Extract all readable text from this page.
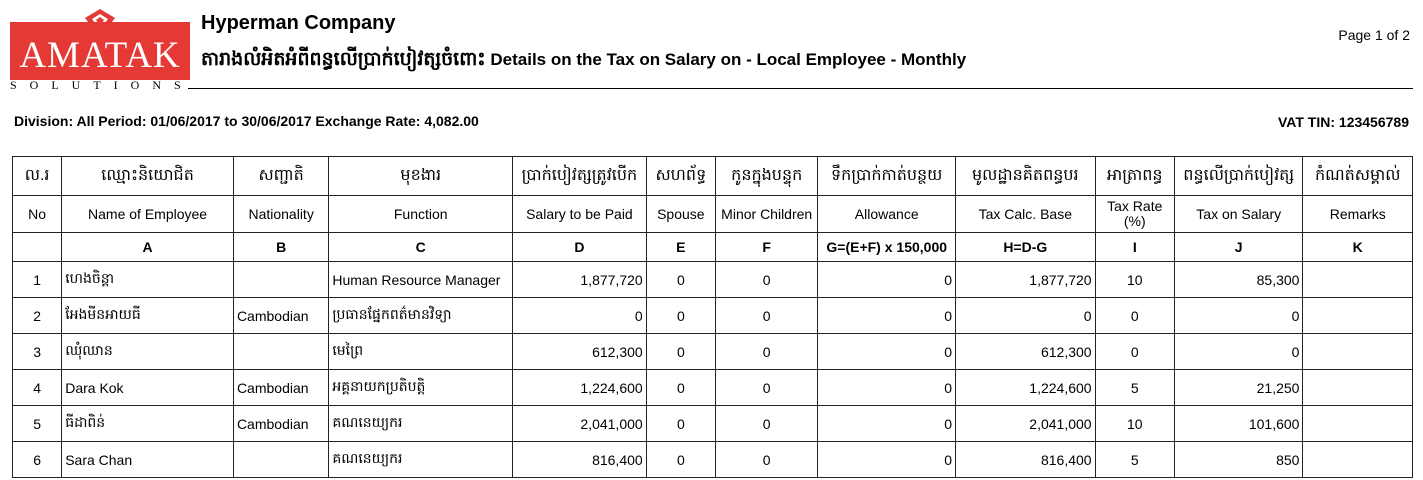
AMATAK
SOLUTIONS
Hyperman Company
តារាងលំអិតអំពីពន្ធលើប្រាក់បៀវត្សចំពោះ Details on the Tax on Salary on - Local Employee - Monthly
Page 1 of 2
Division: All Period: 01/06/2017 to 30/06/2017 Exchange Rate: 4,082.00	VAT TIN: 123456789
ល.រ	ឈ្មោះនិយោជិត	សញ្ជាតិ	មុខងារ	ប្រាក់បៀវត្សត្រូវបើក	សហព័ទ្ធ	កូនក្នុងបន្ទុក	ទឹកប្រាក់កាត់បន្ថយ	មូលដ្ឋានគិតពន្ធបរ	អាត្រាពន្ធ	ពន្ធលើប្រាក់បៀវត្ស	កំណត់សម្គាល់
No	Name of Employee	Nationality	Function	Salary to be Paid	Spouse	Minor Children	Allowance	Tax Calc. Base	Tax Rate (%)	Tax on Salary	Remarks
	A	B	C	D	E	F	G=(E+F) x 150,000	H=D-G	I	J	K
1	ហេងចិន្តា		Human Resource Manager	1,877,720	0	0	0	1,877,720	10	85,300	
2	អែងមីនអាយធី	Cambodian	ប្រធានផ្នែកពត៌មានវិទ្យា	0	0	0	0	0	0	0	
3	ឈុំឈាន		មេព្រៃ	612,300	0	0	0	612,300	0	0	
4	Dara Kok	Cambodian	អគ្គនាយកប្រតិបត្តិ	1,224,600	0	0	0	1,224,600	5	21,250	
5	ធីដាពិន់	Cambodian	គណនេយ្យករ	2,041,000	0	0	0	2,041,000	10	101,600	
6	Sara Chan		គណនេយ្យករ	816,400	0	0	0	816,400	5	850	
